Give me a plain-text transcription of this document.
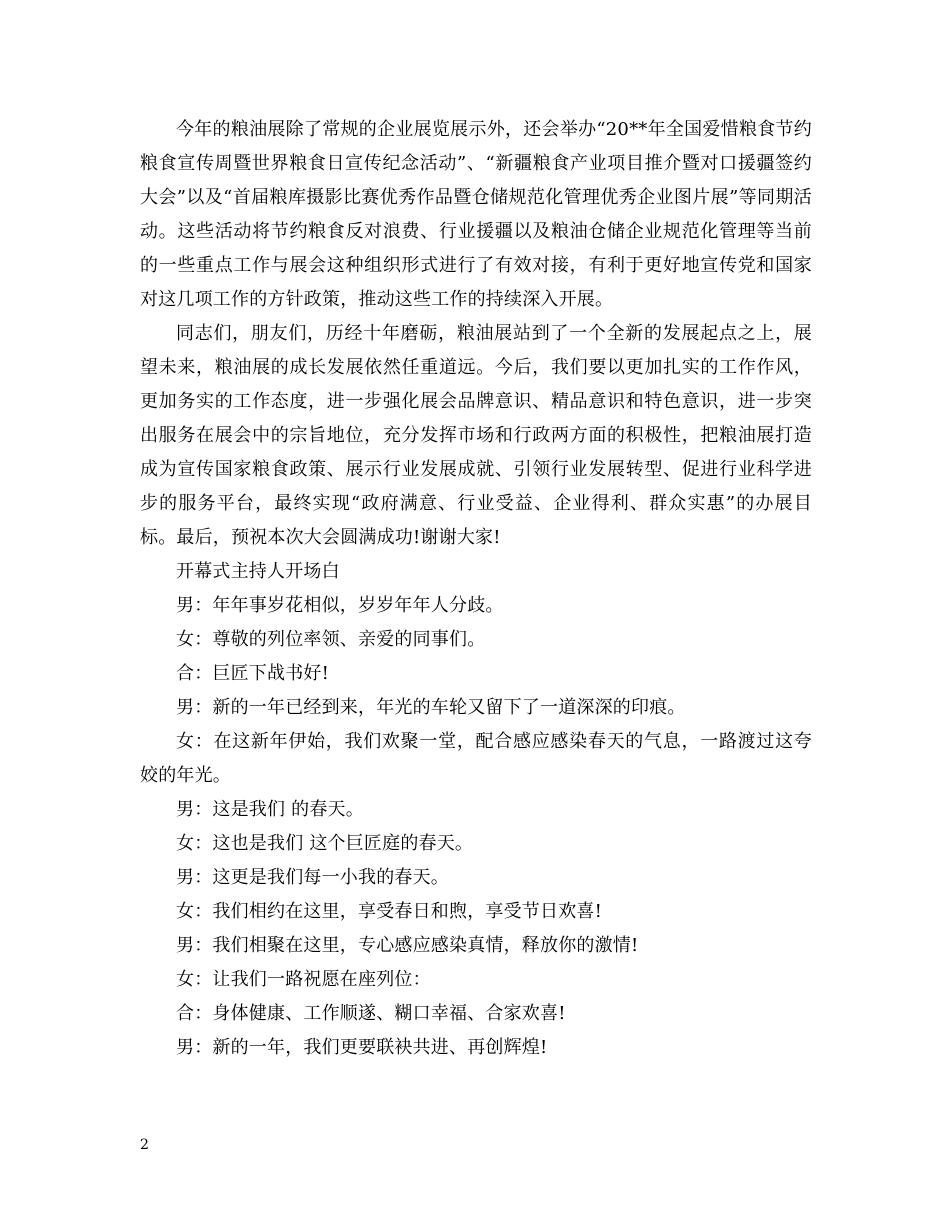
今年的粮油展除了常规的企业展览展示外，还会举办“20**年全国爱惜粮食节约粮食宣传周暨世界粮食日宣传纪念活动”、“新疆粮食产业项目推介暨对口援疆签约大会”以及“首届粮库摄影比赛优秀作品暨仓储规范化管理优秀企业图片展”等同期活动。这些活动将节约粮食反对浪费、行业援疆以及粮油仓储企业规范化管理等当前的一些重点工作与展会这种组织形式进行了有效对接，有利于更好地宣传党和国家对这几项工作的方针政策，推动这些工作的持续深入开展。

同志们，朋友们，历经十年磨砺，粮油展站到了一个全新的发展起点之上，展望未来，粮油展的成长发展依然任重道远。今后，我们要以更加扎实的工作作风，更加务实的工作态度，进一步强化展会品牌意识、精品意识和特色意识，进一步突出服务在展会中的宗旨地位，充分发挥市场和行政两方面的积极性，把粮油展打造成为宣传国家粮食政策、展示行业发展成就、引领行业发展转型、促进行业科学进步的服务平台，最终实现“政府满意、行业受益、企业得利、群众实惠”的办展目标。最后，预祝本次大会圆满成功!谢谢大家!

开幕式主持人开场白

男：年年事岁花相似，岁岁年年人分歧。

女：尊敬的列位率领、亲爱的同事们。

合：巨匠下战书好!

男：新的一年已经到来，年光的车轮又留下了一道深深的印痕。

女：在这新年伊始，我们欢聚一堂，配合感应感染春天的气息，一路渡过这夸姣的年光。

男：这是我们 的春天。

女：这也是我们 这个巨匠庭的春天。

男：这更是我们每一小我的春天。

女：我们相约在这里，享受春日和煦，享受节日欢喜!

男：我们相聚在这里，专心感应感染真情，释放你的激情!

女：让我们一路祝愿在座列位：

合：身体健康、工作顺遂、糊口幸福、合家欢喜!

男：新的一年，我们更要联袂共进、再创辉煌!

2
